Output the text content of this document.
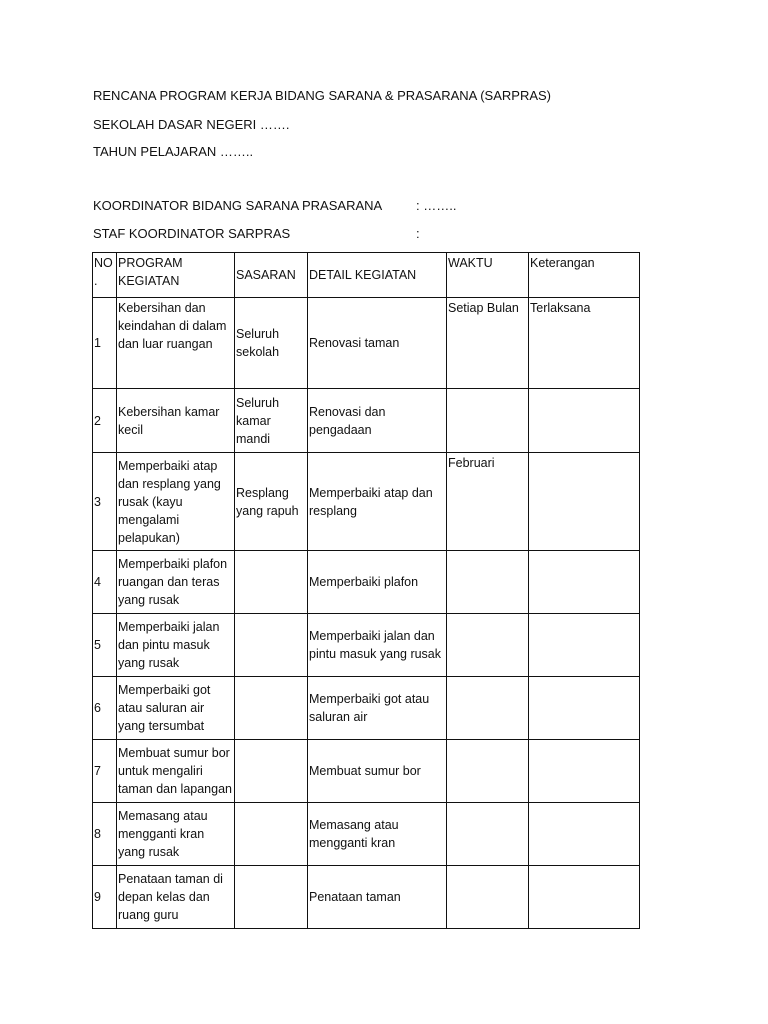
RENCANA PROGRAM KERJA BIDANG SARANA & PRASARANA (SARPRAS)
SEKOLAH DASAR NEGERI …….
TAHUN PELAJARAN ……..
KOORDINATOR BIDANG SARANA PRASARANA	: ……..
STAF KOORDINATOR SARPRAS	:
NO .	PROGRAM KEGIATAN	SASARAN	DETAIL KEGIATAN	WAKTU	Keterangan
1	Kebersihan dan keindahan di dalam dan luar ruangan	Seluruh sekolah	Renovasi taman	Setiap Bulan	Terlaksana
2	Kebersihan kamar kecil	Seluruh kamar mandi	Renovasi dan pengadaan		
3	Memperbaiki atap dan resplang yang rusak (kayu mengalami pelapukan)	Resplang yang rapuh	Memperbaiki atap dan resplang	Februari	
4	Memperbaiki plafon ruangan dan teras yang rusak		Memperbaiki plafon		
5	Memperbaiki jalan dan pintu masuk yang rusak		Memperbaiki jalan dan pintu masuk yang rusak		
6	Memperbaiki got atau saluran air yang tersumbat		Memperbaiki got atau saluran air		
7	Membuat sumur bor untuk mengaliri taman dan lapangan		Membuat sumur bor		
8	Memasang atau mengganti kran yang rusak		Memasang atau mengganti kran		
9	Penataan taman di depan kelas dan ruang guru		Penataan taman		
